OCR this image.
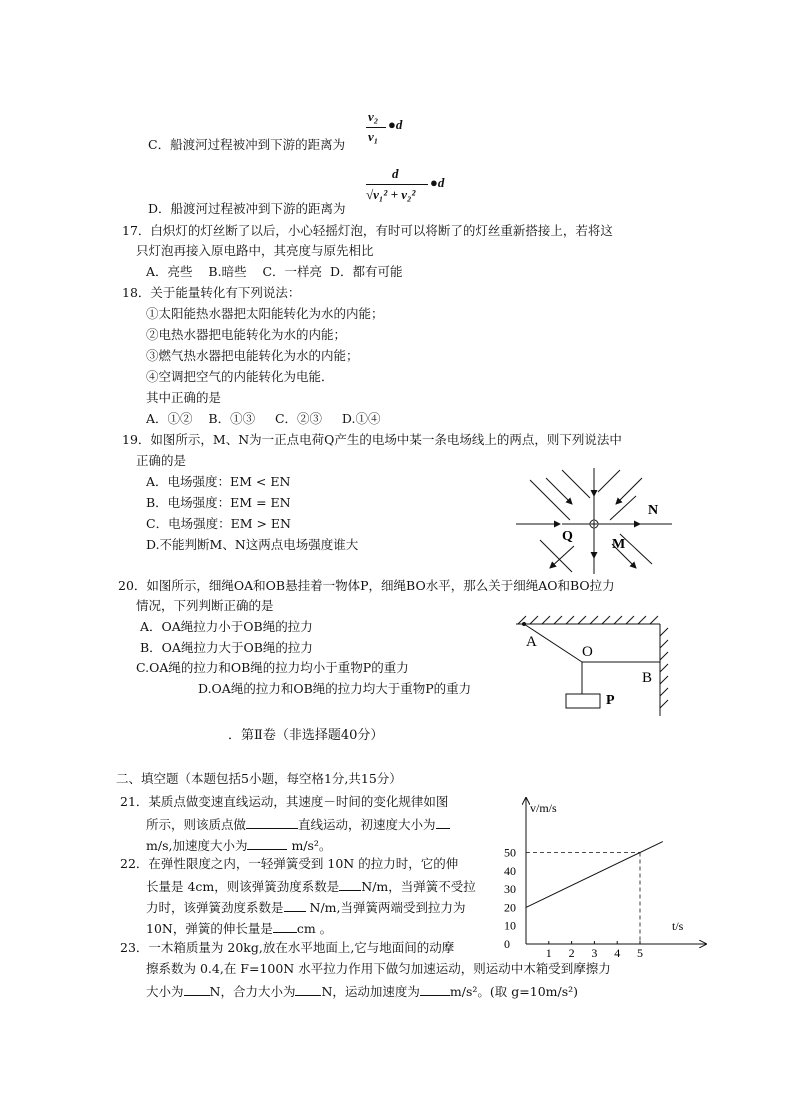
v₂
v₁
●d
C．船渡河过程被冲到下游的距离为
d
√v₁² + v₂²
●d
D．船渡河过程被冲到下游的距离为
17．白炽灯的灯丝断了以后，小心轻摇灯泡，有时可以将断了的灯丝重新搭接上，若将这
只灯泡再接入原电路中，其亮度与原先相比
A．亮些    B.暗些    C．一样亮  D．都有可能
18．关于能量转化有下列说法：
①太阳能热水器把太阳能转化为水的内能；
②电热水器把电能转化为水的内能；
③燃气热水器把电能转化为水的内能；
④空调把空气的内能转化为电能．
其中正确的是
A．①②    B．①③     C．②③     D.①④
19．如图所示，M、N为一正点电荷Q产生的电场中某一条电场线上的两点，则下列说法中
正确的是
A．电场强度：EM < EN
B．电场强度：EM = EN
C．电场强度：EM > EN
D.不能判断M、N这两点电场强度谁大
N
Q
M
20．如图所示，细绳OA和OB悬挂着一物体P，细绳BO水平，那么关于细绳AO和BO拉力
情况，下列判断正确的是
A．OA绳拉力小于OB绳的拉力
B．OA绳拉力大于OB绳的拉力
C.OA绳的拉力和OB绳的拉力均小于重物P的重力
D.OA绳的拉力和OB绳的拉力均大于重物P的重力
A
O
B
P
．第Ⅱ卷（非选择题40分）
二、填空题（本题包括5小题，每空格1分,共15分）
21．某质点做变速直线运动，其速度－时间的变化规律如图
所示，则该质点做	直线运动，初速度大小为
m/s,加速度大小为	m/s²。
22．在弹性限度之内，一轻弹簧受到 10N 的拉力时，它的伸
长量是 4cm，则该弹簧劲度系数是 N/m，当弹簧不受拉
力时，该弹簧劲度系数是 N/m,当弹簧两端受到拉力为
10N，弹簧的伸长量是 cm 。
23．一木箱质量为 20kg,放在水平地面上,它与地面间的动摩
擦系数为 0.4,在 F=100N 水平拉力作用下做匀加速运动，则运动中木箱受到摩擦力
大小为 N，合力大小为 N，运动加速度为 m/s²。(取 g=10m/s²)
v/m/s
t/s
0
10
20
30
40
50
1 2 3 4 5
